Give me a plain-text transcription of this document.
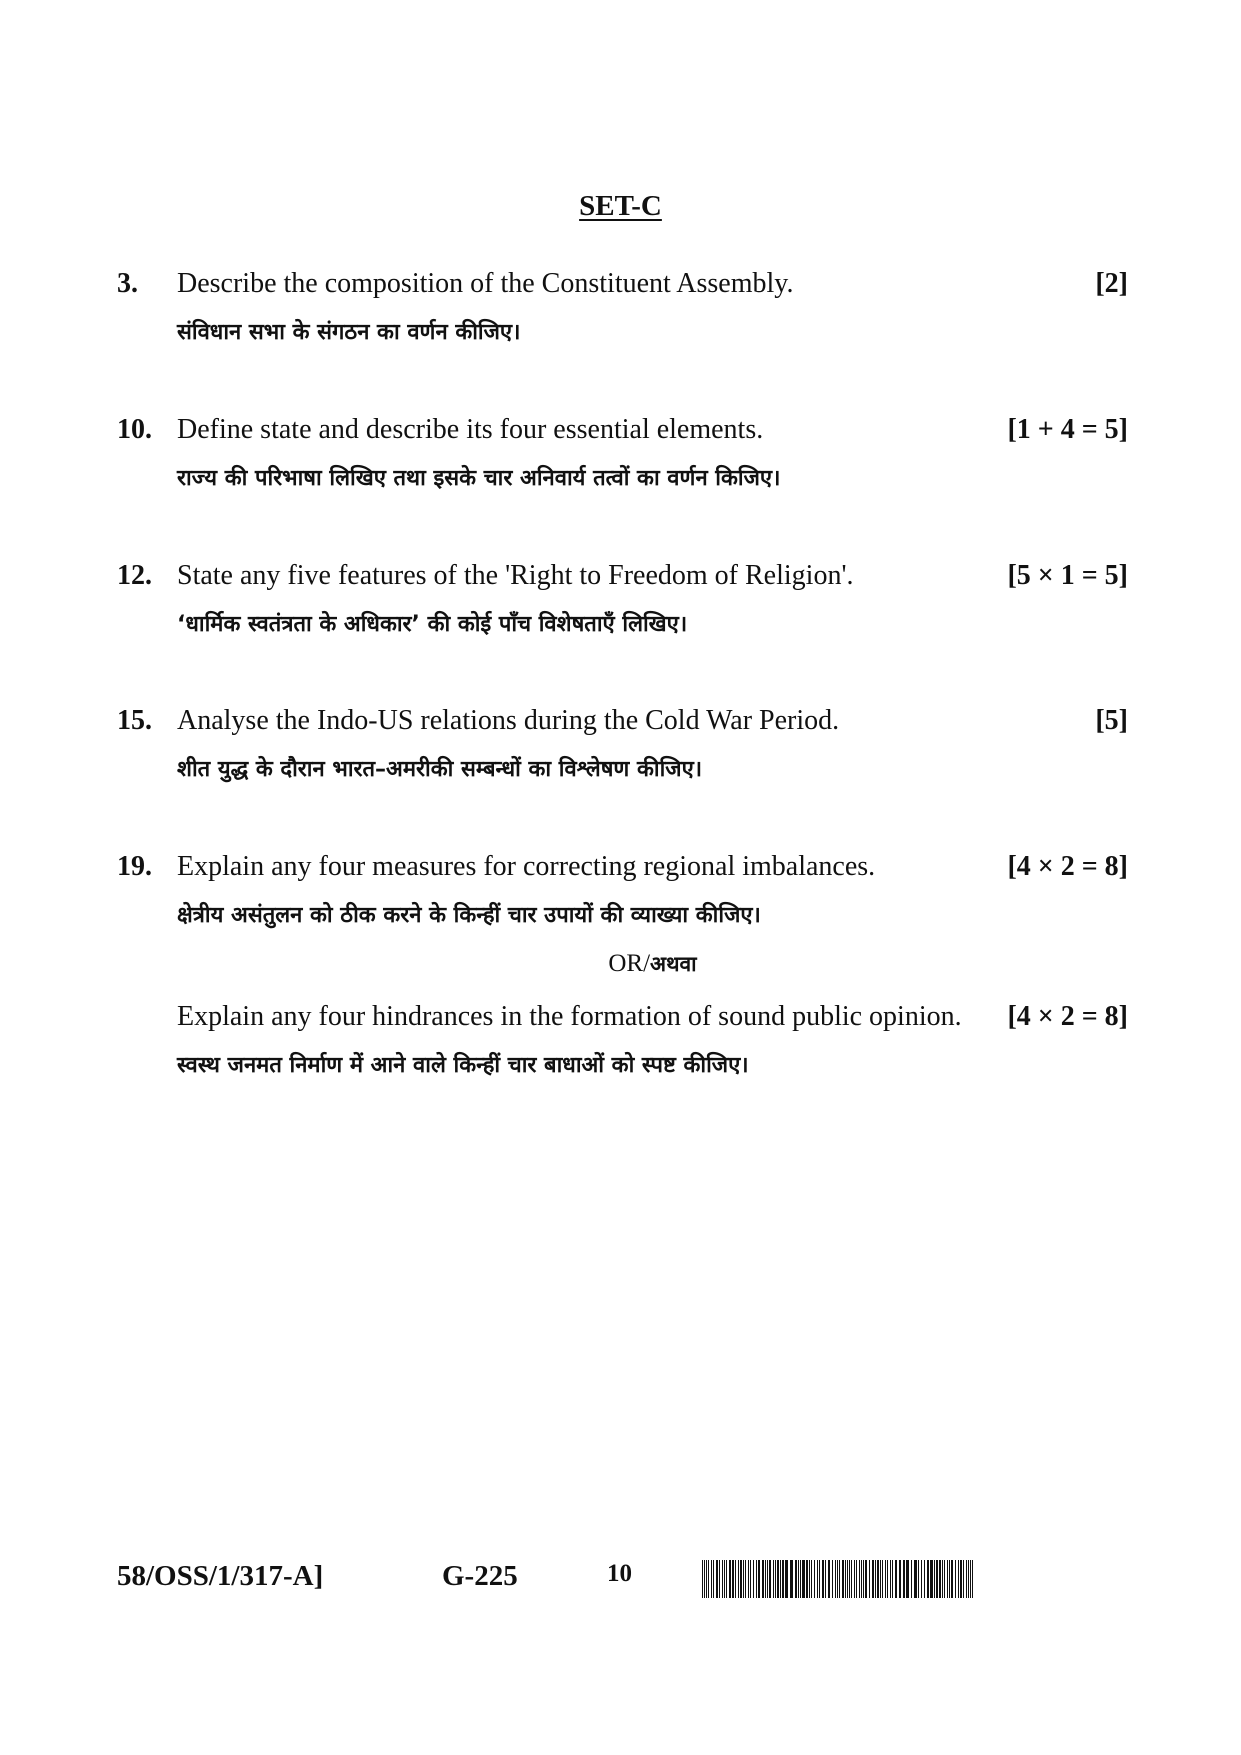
SET-C
3.	Describe the composition of the Constituent Assembly.	[2]
संविधान सभा के संगठन का वर्णन कीजिए।
10. Define state and describe its four essential elements.	[1 + 4 = 5]
राज्य की परिभाषा लिखिए तथा इसके चार अनिवार्य तत्वों का वर्णन किजिए।
12. State any five features of the 'Right to Freedom of Religion'.	[5 × 1 = 5]
‘धार्मिक स्वतंत्रता के अधिकार’ की कोई पाँच विशेषताएँ लिखिए।
15. Analyse the Indo-US relations during the Cold War Period.	[5]
शीत युद्ध के दौरान भारत–अमरीकी सम्बन्धों का विश्लेषण कीजिए।
19. Explain any four measures for correcting regional imbalances.	[4 × 2 = 8]
क्षेत्रीय असंतुलन को ठीक करने के किन्हीं चार उपायों की व्याख्या कीजिए।
OR/अथवा
Explain any four hindrances in the formation of sound public opinion. [4 × 2 = 8]
स्वस्थ जनमत निर्माण में आने वाले किन्हीं चार बाधाओं को स्पष्ट कीजिए।
58/OSS/1/317-A]	G-225	10
